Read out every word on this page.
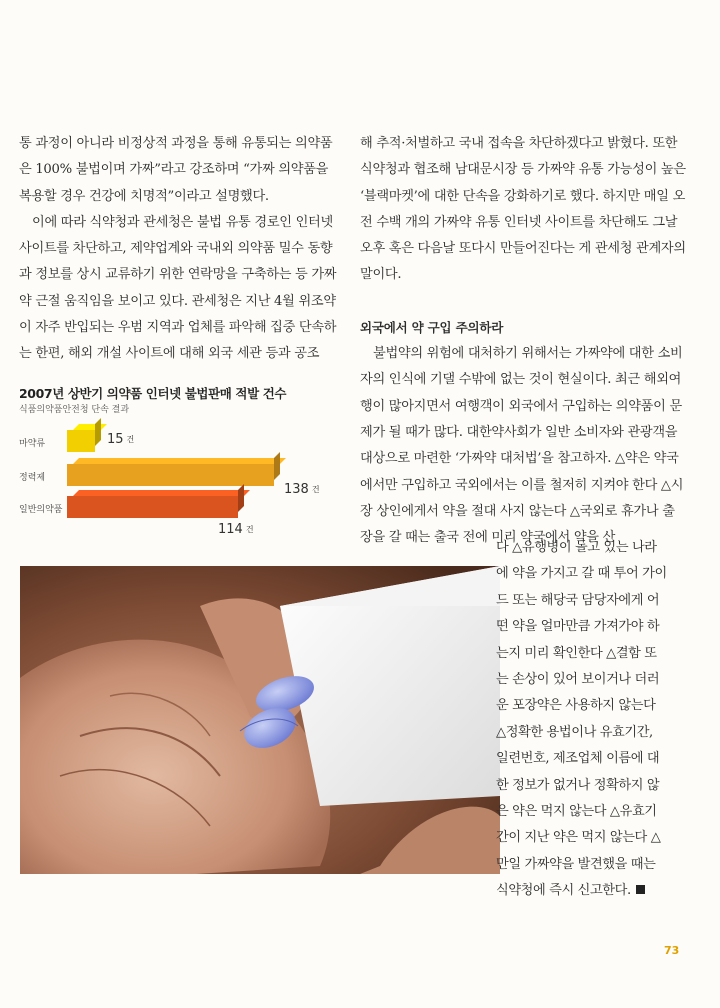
통 과정이 아니라 비정상적 과정을 통해 유통되는 의약품은 100% 불법이며 가짜”라고 강조하며 “가짜 의약품을 복용할 경우 건강에 치명적”이라고 설명했다.

이에 따라 식약청과 관세청은 불법 유통 경로인 인터넷 사이트를 차단하고, 제약업계와 국내외 의약품 밀수 동향과 정보를 상시 교류하기 위한 연락망을 구축하는 등 가짜약 근절 움직임을 보이고 있다. 관세청은 지난 4월 위조약이 자주 반입되는 우범 지역과 업체를 파악해 집중 단속하는 한편, 해외 개설 사이트에 대해 외국 세관 등과 공조

2007년 상반기 의약품 인터넷 불법판매 적발 건수
식품의약품안전청 단속 결과
마약류	15 건
정력제
138 건
일반의약품
114 건

해 추적·처벌하고 국내 접속을 차단하겠다고 밝혔다. 또한 식약청과 협조해 남대문시장 등 가짜약 유통 가능성이 높은 ‘블랙마켓’에 대한 단속을 강화하기로 했다. 하지만 매일 오전 수백 개의 가짜약 유통 인터넷 사이트를 차단해도 그날 오후 혹은 다음날 또다시 만들어진다는 게 관세청 관계자의 말이다.

외국에서 약 구입 주의하라

불법약의 위험에 대처하기 위해서는 가짜약에 대한 소비자의 인식에 기댈 수밖에 없는 것이 현실이다. 최근 해외여행이 많아지면서 여행객이 외국에서 구입하는 의약품이 문제가 될 때가 많다. 대한약사회가 일반 소비자와 관광객을 대상으로 마련한 ‘가짜약 대처법’을 참고하자. △약은 약국에서만 구입하고 국외에서는 이를 철저히 지켜야 한다 △시장 상인에게서 약을 절대 사지 않는다 △국외로 휴가나 출장을 갈 때는 출국 전에 미리 약국에서 약을 산

다 △유행병이 돌고 있는 나라
에 약을 가지고 갈 때 투어 가이
드 또는 해당국 담당자에게 어
떤 약을 얼마만큼 가져가야 하
는지 미리 확인한다 △결함 또
는 손상이 있어 보이거나 더러
운 포장약은 사용하지 않는다
△정확한 용법이나 유효기간,
일련번호, 제조업체 이름에 대
한 정보가 없거나 정확하지 않
은 약은 먹지 않는다 △유효기
간이 지난 약은 먹지 않는다 △
만일 가짜약을 발견했을 때는
식약청에 즉시 신고한다.
73
